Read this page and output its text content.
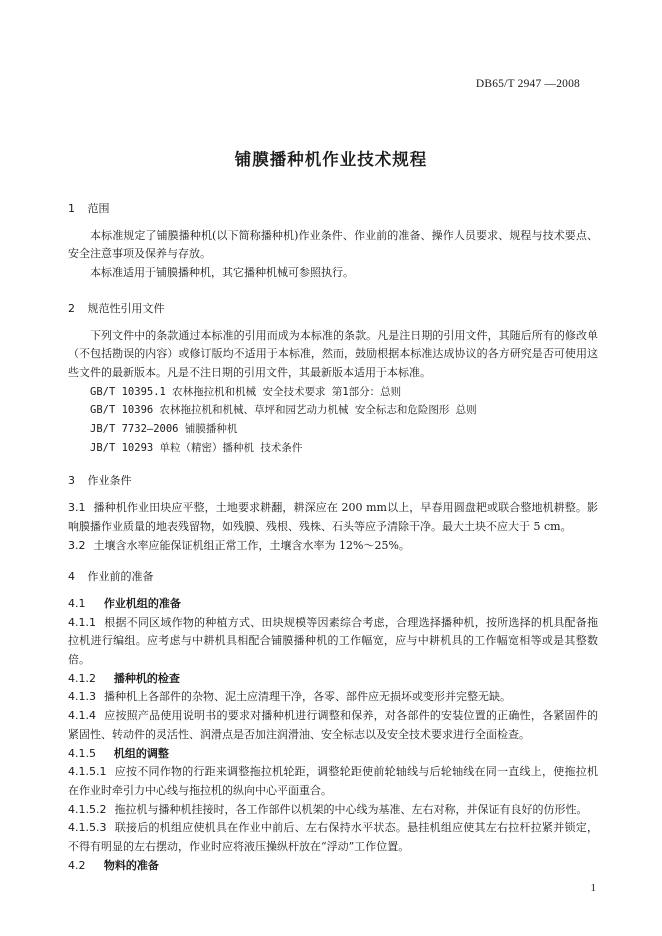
DB65/T 2947 —2008
铺膜播种机作业技术规程
1 范围
本标准规定了铺膜播种机(以下简称播种机)作业条件、作业前的准备、操作人员要求、规程与技术要点、安全注意事项及保养与存放。
本标准适用于铺膜播种机，其它播种机械可参照执行。
2 规范性引用文件
下列文件中的条款通过本标准的引用而成为本标准的条款。凡是注日期的引用文件，其随后所有的修改单（不包括勘误的内容）或修订版均不适用于本标准，然而，鼓励根据本标准达成协议的各方研究是否可使用这些文件的最新版本。凡是不注日期的引用文件，其最新版本适用于本标准。
GB/T 10395.1 农林拖拉机和机械 安全技术要求 第1部分：总则
GB/T 10396 农林拖拉机和机械、草坪和园艺动力机械 安全标志和危险图形 总则
JB/T 7732—2006 铺膜播种机
JB/T 10293 单粒（精密）播种机 技术条件
3 作业条件
3.1 播种机作业田块应平整，土地要求耕翻，耕深应在 200 mm以上，早春用圆盘耙或联合整地机耕整。影响膜播作业质量的地表残留物，如残膜、残根、残株、石头等应予清除干净。最大土块不应大于 5 cm。
3.2 土壤含水率应能保证机组正常工作，土壤含水率为 12%～25%。
4 作业前的准备
4.1 作业机组的准备
4.1.1 根据不同区域作物的种植方式、田块规模等因素综合考虑，合理选择播种机，按所选择的机具配备拖拉机进行编组。应考虑与中耕机具相配合铺膜播种机的工作幅宽，应与中耕机具的工作幅宽相等或是其整数倍。
4.1.2 播种机的检查
4.1.3 播种机上各部件的杂物、泥土应清理干净，各零、部件应无损坏或变形并完整无缺。
4.1.4 应按照产品使用说明书的要求对播种机进行调整和保养，对各部件的安装位置的正确性，各紧固件的紧固性、转动件的灵活性、润滑点是否加注润滑油、安全标志以及安全技术要求进行全面检查。
4.1.5 机组的调整
4.1.5.1 应按不同作物的行距来调整拖拉机轮距，调整轮距使前轮轴线与后轮轴线在同一直线上，使拖拉机在作业时牵引力中心线与拖拉机的纵向中心平面重合。
4.1.5.2 拖拉机与播种机挂接时，各工作部件以机架的中心线为基准、左右对称，并保证有良好的仿形性。
4.1.5.3 联接后的机组应使机具在作业中前后、左右保持水平状态。悬挂机组应使其左右拉杆拉紧并锁定，不得有明显的左右摆动，作业时应将液压操纵杆放在“浮动”工作位置。
4.2 物料的准备
1
